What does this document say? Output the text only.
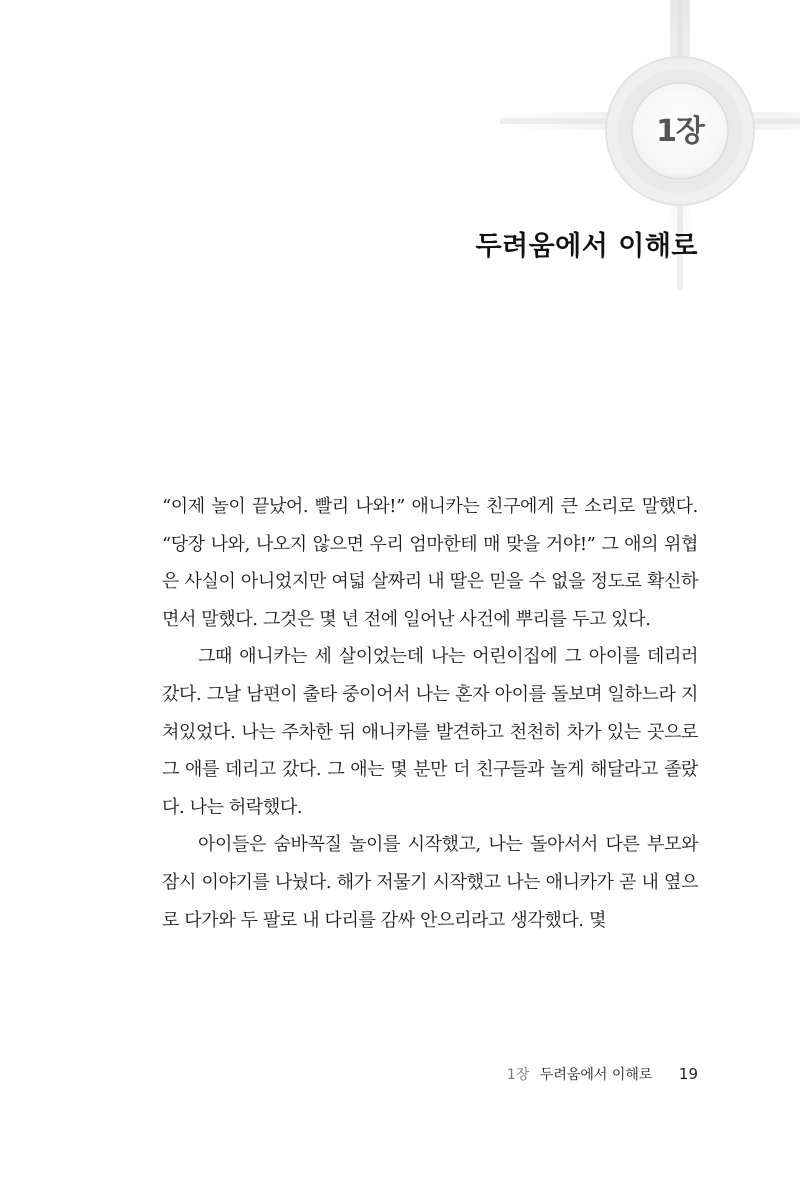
1장
두려움에서 이해로

“이제 놀이 끝났어. 빨리 나와!” 애니카는 친구에게 큰 소리로 말했다. “당장 나와, 나오지 않으면 우리 엄마한테 매 맞을 거야!” 그 애의 위협은 사실이 아니었지만 여덟 살짜리 내 딸은 믿을 수 없을 정도로 확신하면서 말했다. 그것은 몇 년 전에 일어난 사건에 뿌리를 두고 있다.

그때 애니카는 세 살이었는데 나는 어린이집에 그 아이를 데리러 갔다. 그날 남편이 출타 중이어서 나는 혼자 아이를 돌보며 일하느라 지쳐있었다. 나는 주차한 뒤 애니카를 발견하고 천천히 차가 있는 곳으로 그 애를 데리고 갔다. 그 애는 몇 분만 더 친구들과 놀게 해달라고 졸랐다. 나는 허락했다.

아이들은 숨바꼭질 놀이를 시작했고, 나는 돌아서서 다른 부모와 잠시 이야기를 나눴다. 해가 저물기 시작했고 나는 애니카가 곧 내 옆으로 다가와 두 팔로 내 다리를 감싸 안으리라고 생각했다. 몇

1장 두려움에서 이해로 19
